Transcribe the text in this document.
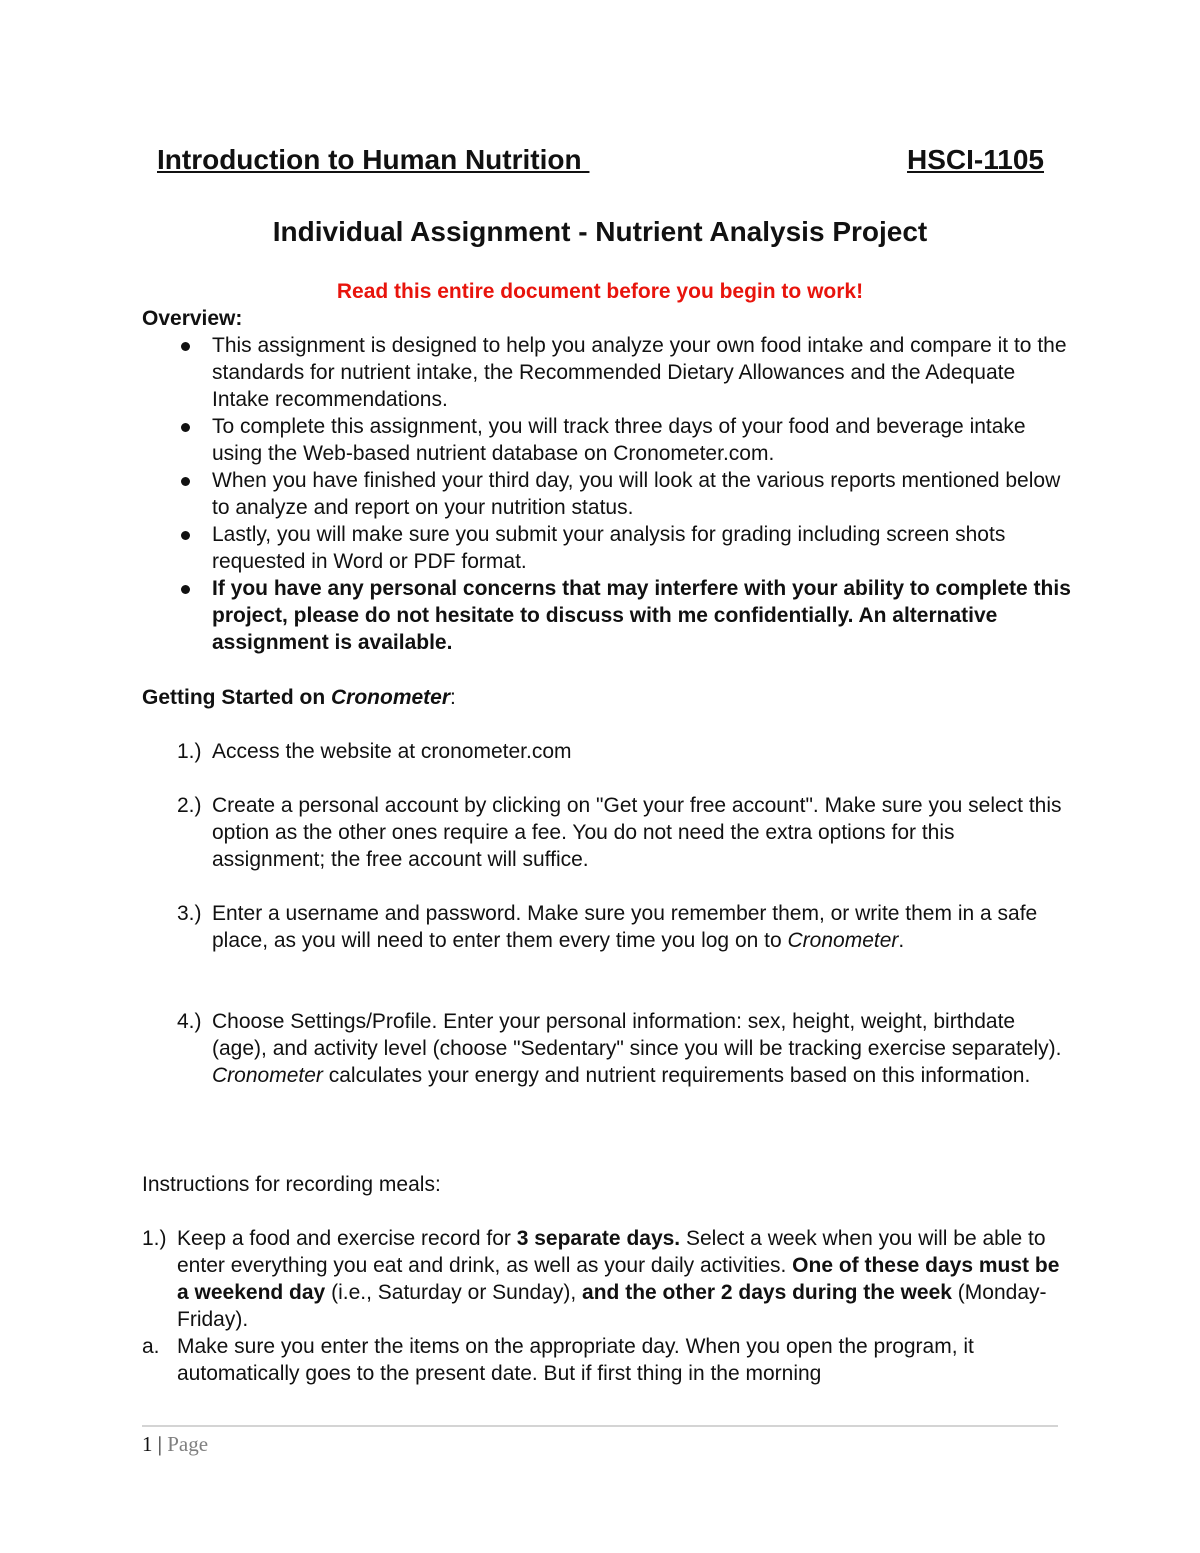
Introduction to Human Nutrition
	HSCI-1105
Individual Assignment - Nutrient Analysis Project
Read this entire document before you begin to work!
Overview:
This assignment is designed to help you analyze your own food intake and compare it to the standards for nutrient intake, the Recommended Dietary Allowances and the Adequate Intake recommendations.
To complete this assignment, you will track three days of your food and beverage intake using the Web-based nutrient database on Cronometer.com.
When you have finished your third day, you will look at the various reports mentioned below to analyze and report on your nutrition status.
Lastly, you will make sure you submit your analysis for grading including screen shots requested in Word or PDF format.
If you have any personal concerns that may interfere with your ability to complete this project, please do not hesitate to discuss with me confidentially. An alternative assignment is available.
Getting Started on Cronometer:
1.) Access the website at cronometer.com
2.) Create a personal account by clicking on "Get your free account". Make sure you select this option as the other ones require a fee. You do not need the extra options for this assignment; the free account will suffice.
3.) Enter a username and password. Make sure you remember them, or write them in a safe place, as you will need to enter them every time you log on to Cronometer.
4.) Choose Settings/Profile. Enter your personal information: sex, height, weight, birthdate (age), and activity level (choose "Sedentary" since you will be tracking exercise separately). Cronometer calculates your energy and nutrient requirements based on this information.
Instructions for recording meals:
1.) Keep a food and exercise record for 3 separate days. Select a week when you will be able to enter everything you eat and drink, as well as your daily activities. One of these days must be a weekend day (i.e., Saturday or Sunday), and the other 2 days during the week (Monday-Friday).
a. Make sure you enter the items on the appropriate day. When you open the program, it automatically goes to the present date. But if first thing in the morning
1 | Page
